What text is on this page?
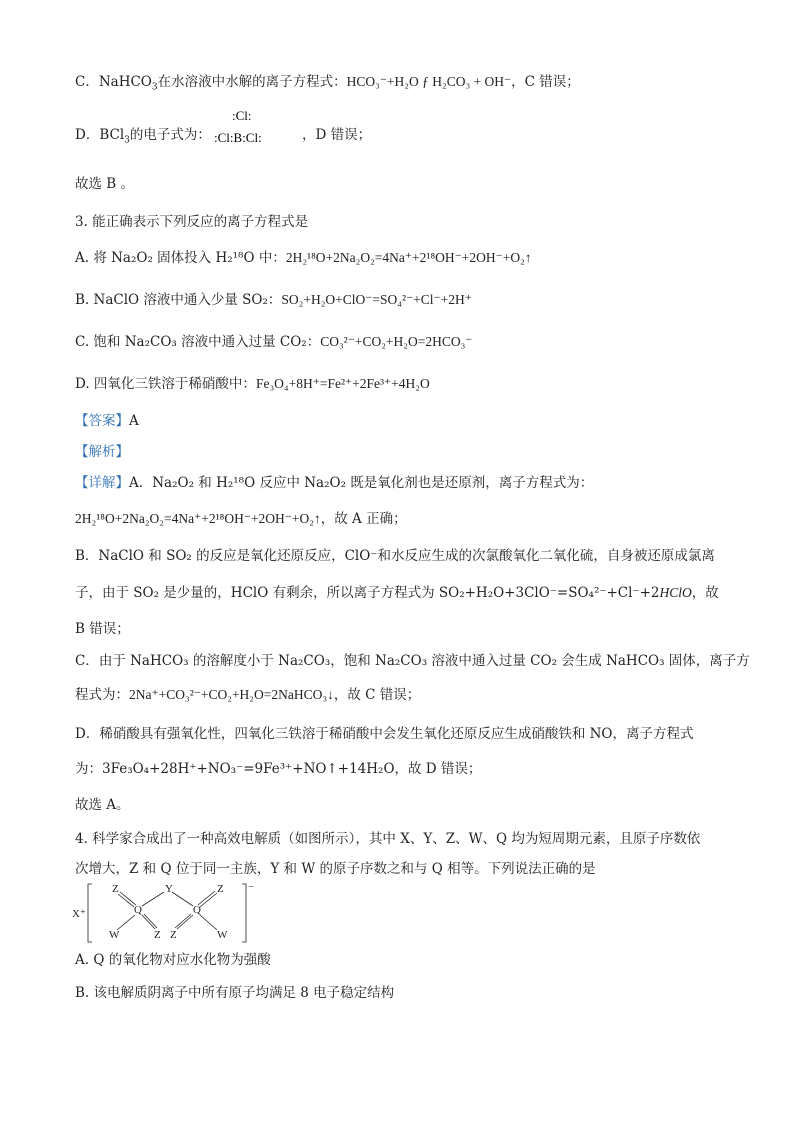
C．NaHCO$_3$在水溶液中水解的离子方程式：HCO₃⁻+H₂O ƒ H₂CO₃ + OH⁻，C 错误；
D．BCl$_3$的电子式为：
:Cl:
:Cl:B:Cl:	，D 错误；
故选 B 。
3. 能正确表示下列反应的离子方程式是
A. 将 Na₂O₂ 固体投入 H₂¹⁸O 中：2H₂¹⁸O+2Na₂O₂=4Na⁺+2¹⁸OH⁻+2OH⁻+O₂↑
B. NaClO 溶液中通入少量 SO₂：SO₂+H₂O+ClO⁻=SO₄²⁻+Cl⁻+2H⁺
C. 饱和 Na₂CO₃ 溶液中通入过量 CO₂：CO₃²⁻+CO₂+H₂O=2HCO₃⁻
D. 四氧化三铁溶于稀硝酸中：Fe₃O₄+8H⁺=Fe²⁺+2Fe³⁺+4H₂O
【答案】A
【解析】
【详解】A．Na₂O₂ 和 H₂¹⁸O 反应中 Na₂O₂ 既是氧化剂也是还原剂，离子方程式为：
2H₂¹⁸O+2Na₂O₂=4Na⁺+2¹⁸OH⁻+2OH⁻+O₂↑，故 A 正确；
B．NaClO 和 SO₂ 的反应是氧化还原反应，ClO⁻和水反应生成的次氯酸氧化二氧化硫，自身被还原成氯离
子，由于 SO₂ 是少量的，HClO 有剩余，所以离子方程式为 SO₂+H₂O+3ClO⁻=SO₄²⁻+Cl⁻+2HClO，故
B 错误；
C．由于 NaHCO₃ 的溶解度小于 Na₂CO₃，饱和 Na₂CO₃ 溶液中通入过量 CO₂ 会生成 NaHCO₃ 固体，离子方
程式为：2Na⁺+CO₃²⁻+CO₂+H₂O=2NaHCO₃↓，故 C 错误；
D．稀硝酸具有强氧化性，四氧化三铁溶于稀硝酸中会发生氧化还原反应生成硝酸铁和 NO，离子方程式
为：3Fe₃O₄+28H⁺+NO₃⁻=9Fe³⁺+NO↑+14H₂O，故 D 错误；
故选 A。
4. 科学家合成出了一种高效电解质（如图所示），其中 X、Y、Z、W、Q 均为短周期元素，且原子序数依
次增大，Z 和 Q 位于同一主族，Y 和 W 的原子序数之和与 Q 相等。下列说法正确的是
X⁺
⁻
Z	Y	Z
Q	Q
W	Z Z	W
A. Q 的氧化物对应水化物为强酸
B. 该电解质阴离子中所有原子均满足 8 电子稳定结构
